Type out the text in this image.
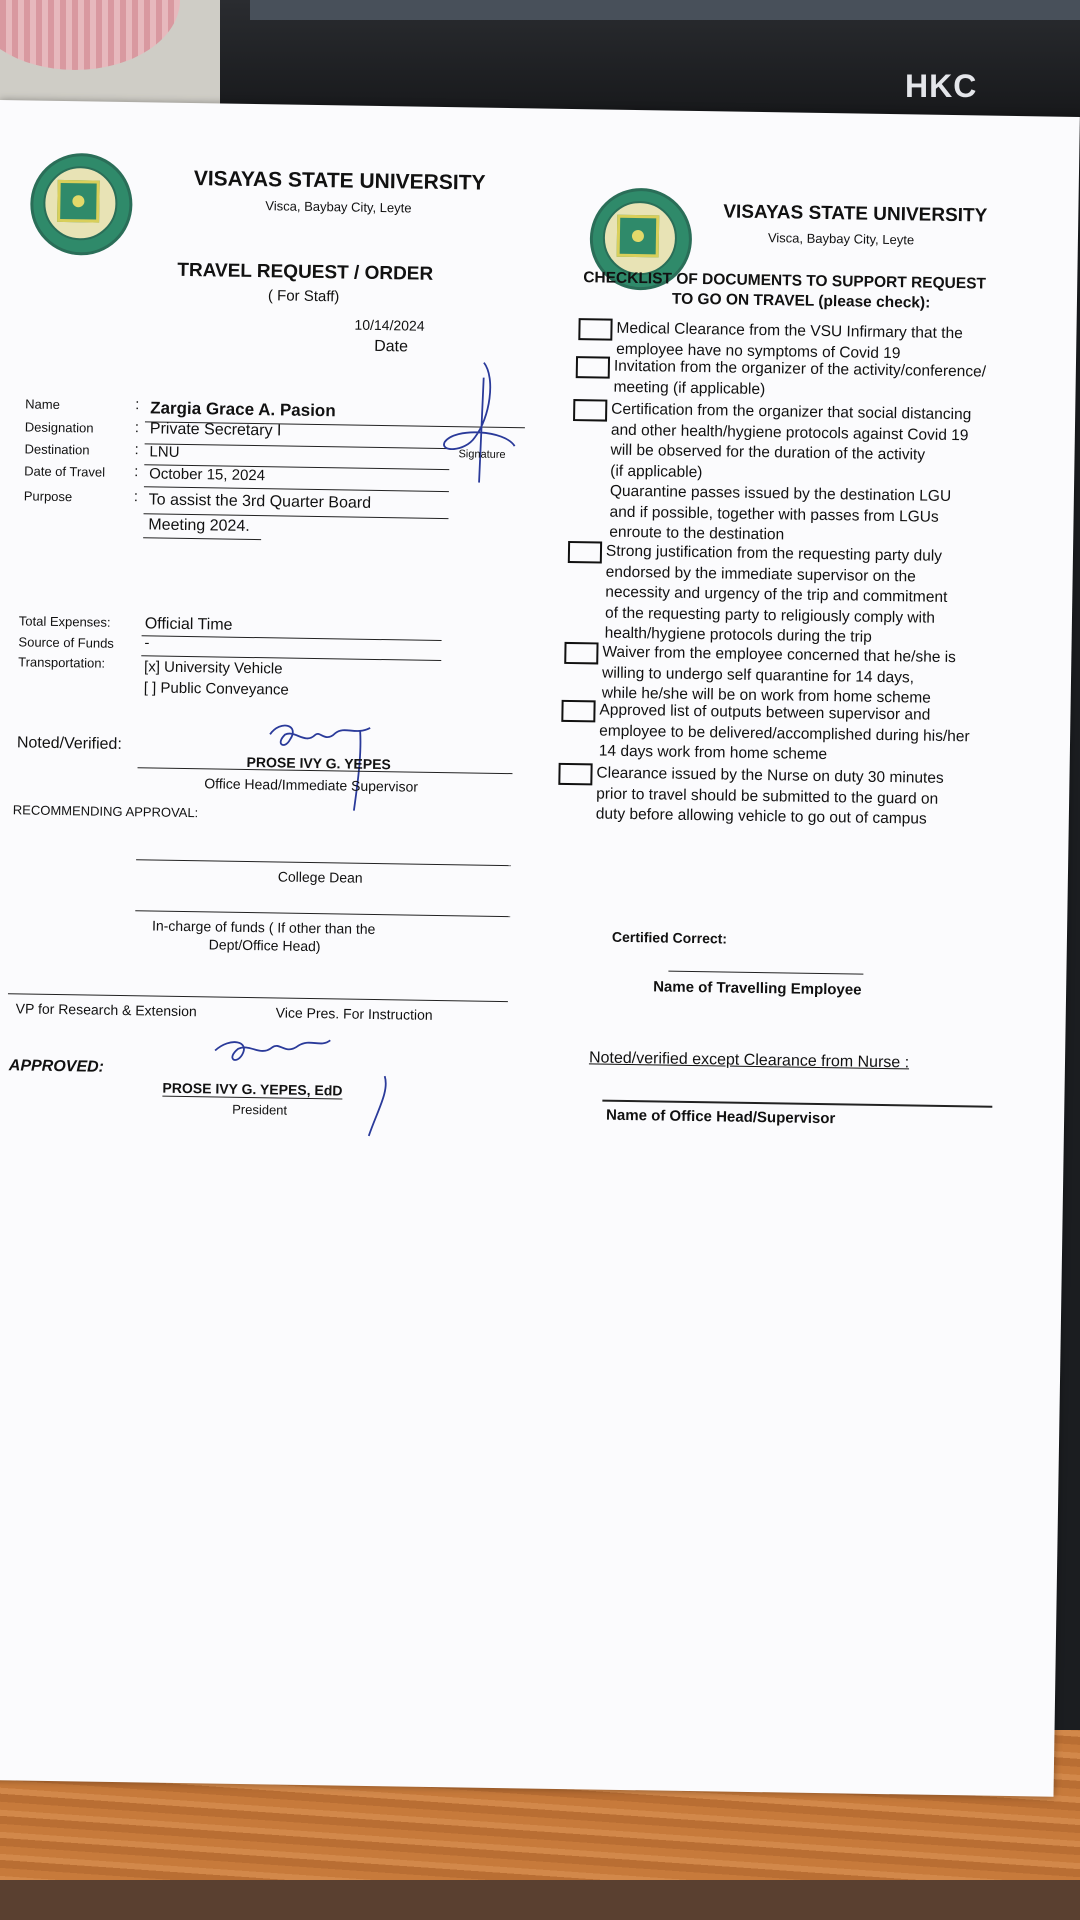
HKC
VISAYAS STATE UNIVERSITY
Visca, Baybay City, Leyte
TRAVEL REQUEST / ORDER
( For Staff)
10/14/2024
Date
Name	: Zargia Grace A. Pasion
Designation	: Private Secretary I
Destination	: LNU
Date of Travel : October 15, 2024
Purpose	: To assist the 3rd Quarter Board
Meeting 2024.
Signature
Total Expenses: Official Time
Source of Funds -
Transportation:	[x] University Vehicle
[ ] Public Conveyance
Noted/Verified:
PROSE IVY G. YEPES
Office Head/Immediate Supervisor
RECOMMENDING APPROVAL:
College Dean
In-charge of funds ( If other than the
Dept/Office Head)
VP for Research & Extension	Vice Pres. For Instruction
APPROVED:
PROSE IVY G. YEPES, EdD
President
VISAYAS STATE UNIVERSITY
Visca, Baybay City, Leyte
CHECKLIST OF DOCUMENTS TO SUPPORT REQUEST
TO GO ON TRAVEL (please check):
Medical Clearance from the VSU Infirmary that the
employee have no symptoms of Covid 19
Invitation from the organizer of the activity/conference/
meeting (if applicable)
Certification from the organizer that social distancing
and other health/hygiene protocols against Covid 19
will be observed for the duration of the activity
(if applicable)
Quarantine passes issued by the destination LGU
and if possible, together with passes from LGUs
enroute to the destination
Strong justification from the requesting party duly
endorsed by the immediate supervisor on the
necessity and urgency of the trip and commitment
of the requesting party to religiously comply with
health/hygiene protocols during the trip
Waiver from the employee concerned that he/she is
willing to undergo self quarantine for 14 days,
while he/she will be on work from home scheme
Approved list of outputs between supervisor and
employee to be delivered/accomplished during his/her
14 days work from home scheme
Clearance issued by the Nurse on duty 30 minutes
prior to travel should be submitted to the guard on
duty before allowing vehicle to go out of campus
Certified Correct:
Name of Travelling Employee
Noted/verified except Clearance from Nurse :
Name of Office Head/Supervisor
